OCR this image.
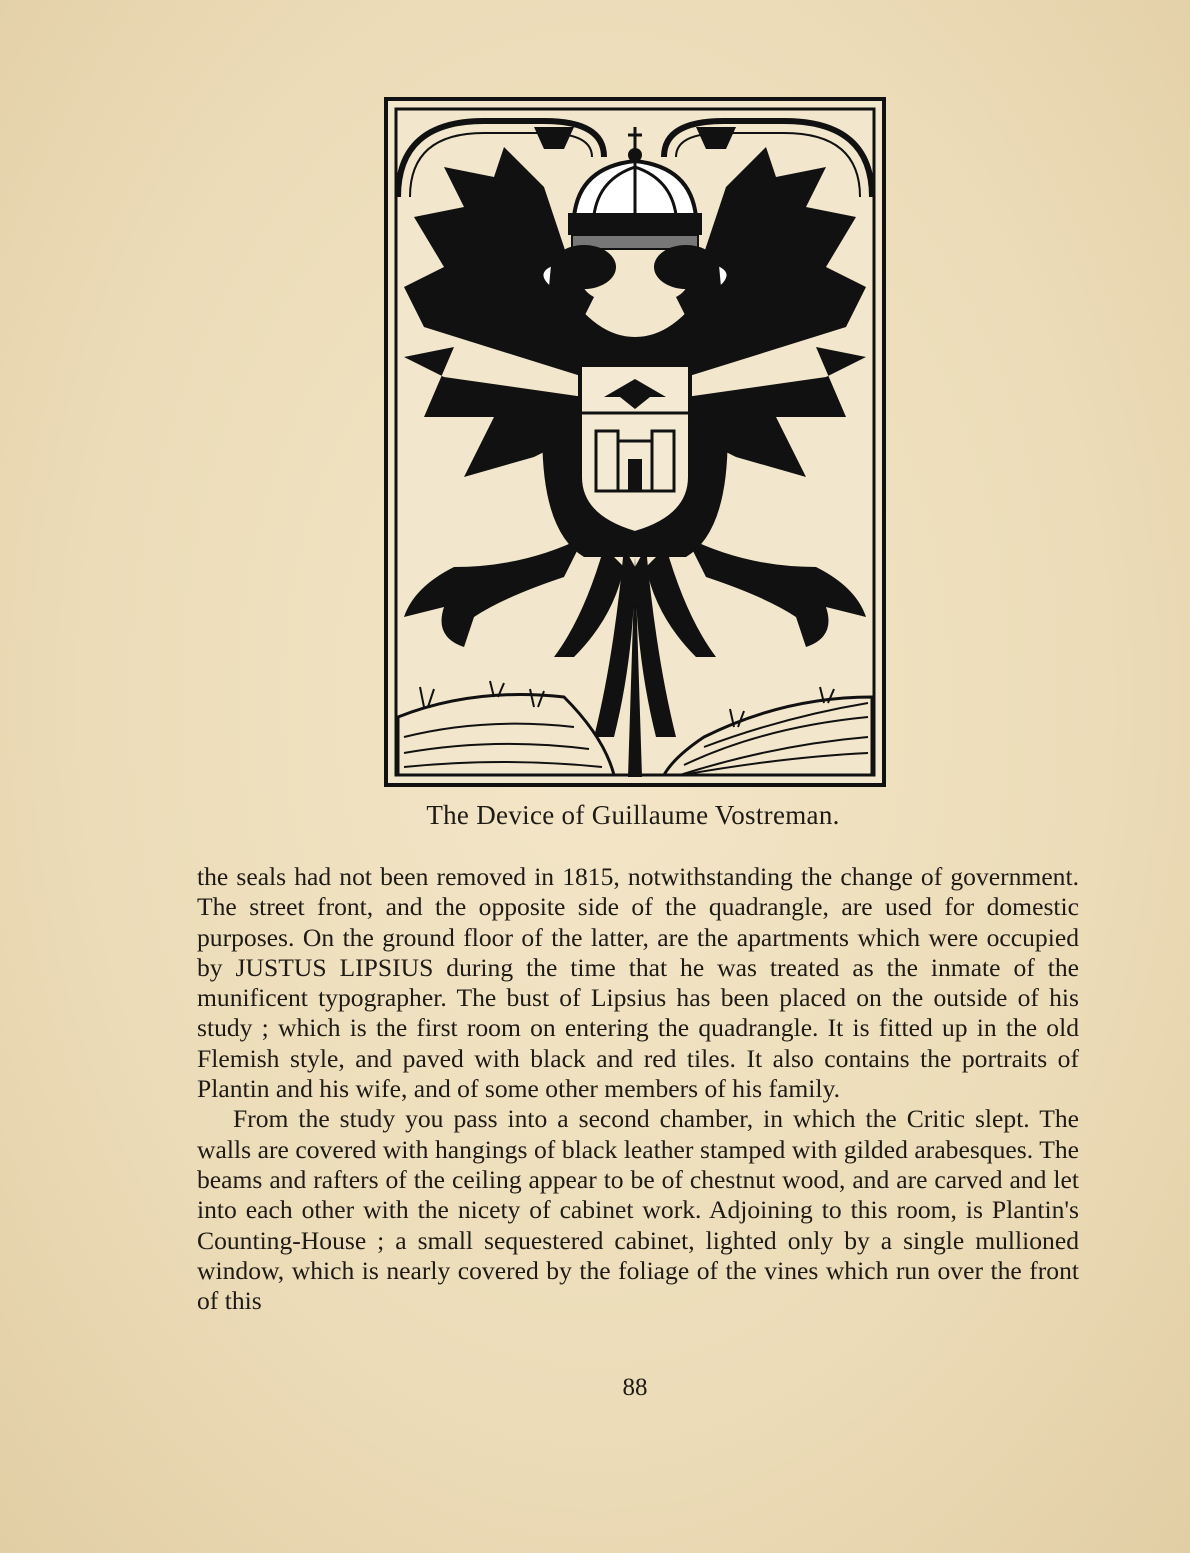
The Device of Guillaume Vostreman.

the seals had not been removed in 1815, notwithstanding the change of government. The street front, and the opposite side of the quadrangle, are used for domestic purposes. On the ground floor of the latter, are the apartments which were occupied by JUSTUS LIPSIUS during the time that he was treated as the inmate of the munificent typographer. The bust of Lipsius has been placed on the outside of his study ; which is the first room on entering the quadrangle. It is fitted up in the old Flemish style, and paved with black and red tiles. It also contains the portraits of Plantin and his wife, and of some other members of his family.

From the study you pass into a second chamber, in which the Critic slept. The walls are covered with hangings of black leather stamped with gilded arabesques. The beams and rafters of the ceiling appear to be of chestnut wood, and are carved and let into each other with the nicety of cabinet work. Adjoining to this room, is Plantin's Counting-House ; a small sequestered cabinet, lighted only by a single mullioned window, which is nearly covered by the foliage of the vines which run over the front of this

88
